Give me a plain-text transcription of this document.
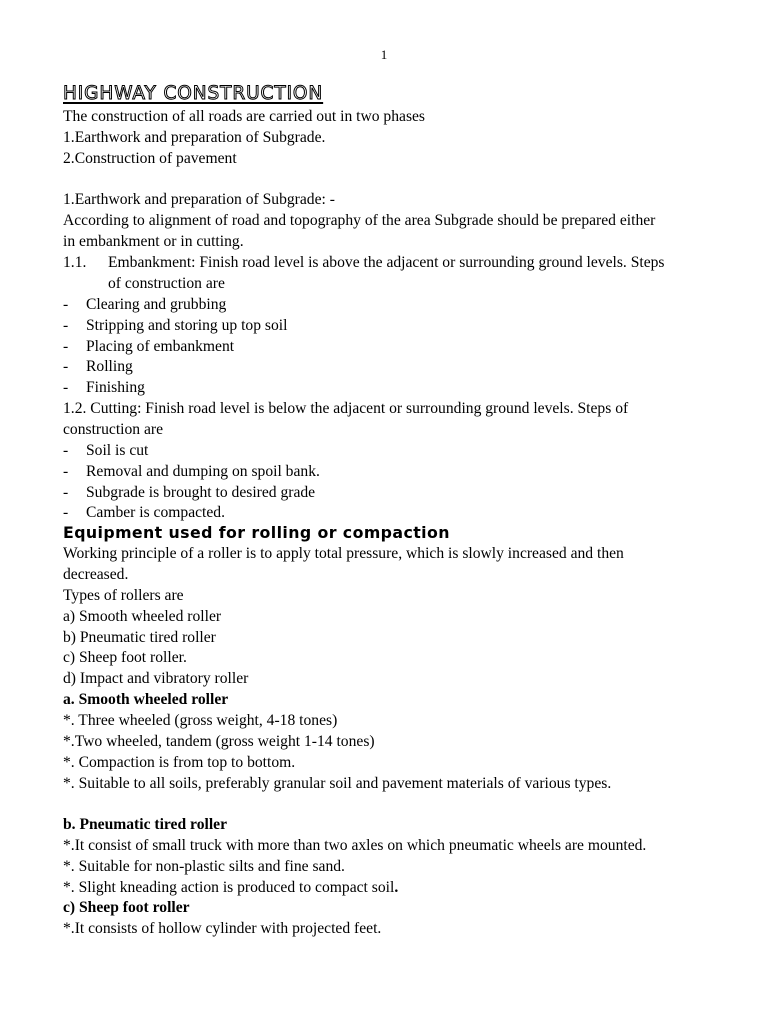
1
HIGHWAY CONSTRUCTION
The construction of all roads are carried out in two phases
1.Earthwork and preparation of Subgrade.
2.Construction of pavement
1.Earthwork and preparation of Subgrade: -
According to alignment of road and topography of the area Subgrade should be prepared either
in embankment or in cutting.
1.1. Embankment: Finish road level is above the adjacent or surrounding ground levels. Steps
of construction are
- Clearing and grubbing
- Stripping and storing up top soil
- Placing of embankment
- Rolling
- Finishing
1.2. Cutting: Finish road level is below the adjacent or surrounding ground levels. Steps of
construction are
- Soil is cut
- Removal and dumping on spoil bank.
- Subgrade is brought to desired grade
- Camber is compacted.
Equipment used for rolling or compaction
Working principle of a roller is to apply total pressure, which is slowly increased and then
decreased.
Types of rollers are
a) Smooth wheeled roller
b) Pneumatic tired roller
c) Sheep foot roller.
d) Impact and vibratory roller
a. Smooth wheeled roller
*. Three wheeled (gross weight, 4-18 tones)
*.Two wheeled, tandem (gross weight 1-14 tones)
*. Compaction is from top to bottom.
*. Suitable to all soils, preferably granular soil and pavement materials of various types.
b. Pneumatic tired roller
*.It consist of small truck with more than two axles on which pneumatic wheels are mounted.
*. Suitable for non-plastic silts and fine sand.
*. Slight kneading action is produced to compact soil.
c) Sheep foot roller
*.It consists of hollow cylinder with projected feet.
